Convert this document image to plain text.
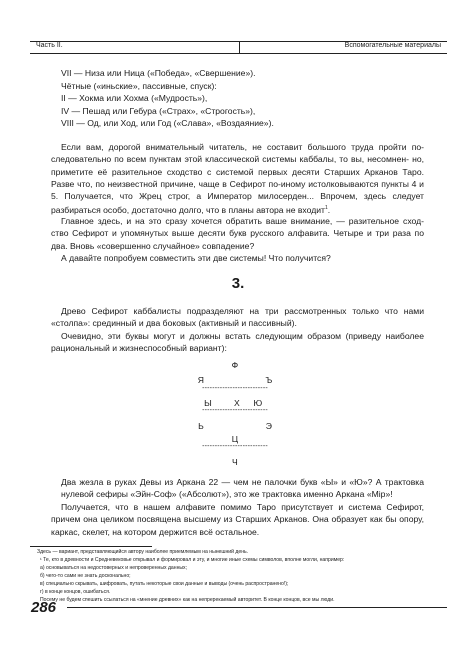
Часть II.	Вспомогательные материалы
VII — Низа или Ница («Победа», «Свершение»).
Чётные («иньские», пассивные, спуск):
II — Хокма или Хохма («Мудрость»),
IV — Пешад или Гебура («Страх», «Строгость»),
VIII — Од, или Ход, или Год («Слава», «Воздаяние»).

Если вам, дорогой внимательный читатель, не составит большого труда пройти по- следовательно по всем пунктам этой классической системы каббалы, то вы, несомнен- но, приметите её разительное сходство с системой первых десяти Старших Арканов Таро. Разве что, по неизвестной причине, чаще в Сефирот по-иному истолковываются пункты 4 и 5. Получается, что Жрец строг, а Император милосерден... Впрочем, здесь следует разбираться особо, достаточно долго, что в планы автора не входит$^1$.

Главное здесь, и на это сразу хочется обратить ваше внимание, — разительное сход- ство Сефирот и упомянутых выше десяти букв русского алфавита. Четыре и три раза по два. Вновь «совершенно случайное» совпадение?

А давайте попробуем совместить эти две системы! Что получится?

3.

Древо Сефирот каббалисты подразделяют на три рассмотренных только что нами «столпа»: срединный и два боковых (активный и пассивный).

Очевидно, эти буквы могут и должны встать следующим образом (приведу наиболее рациональный и жизнеспособный вариант):

Ф
Я	Ъ
--------------------------
Ы	Х	Ю
--------------------------
Ь	Э
Ц
--------------------------
Ч

Два жезла в руках Девы из Аркана 22 — чем не палочки букв «Ы» и «Ю»? А трактовка нулевой сефиры «Эйн-Соф» («Абсолют»), это же трактовка именно Аркана «Мір»!

Получается, что в нашем алфавите помимо Таро присутствует и система Сефирот, причем она целиком посвящена высшему из Старших Арканов. Она образует как бы опору, каркас, скелет, на котором держится всё остальное.

Здесь — вариант, представляющийся автору наиболее приемлемым на нынешний день.
¹ Те, кто в древности и Средневековье открывал и формировал и эту, и многие иные схемы символов, вполне могли, например:
а) основываться на недостоверных и непроверенных данных;
б) чего-то сами не знать досконально;
в) специально скрывать, шифровать, путать некоторые свои данные и выводы (очень распространено!);
г) в конце концов, ошибаться.
Посему не будем спешить ссылаться на «мнение древних» как на непререкаемый авторитет. В конце концов, все мы люди.
286
